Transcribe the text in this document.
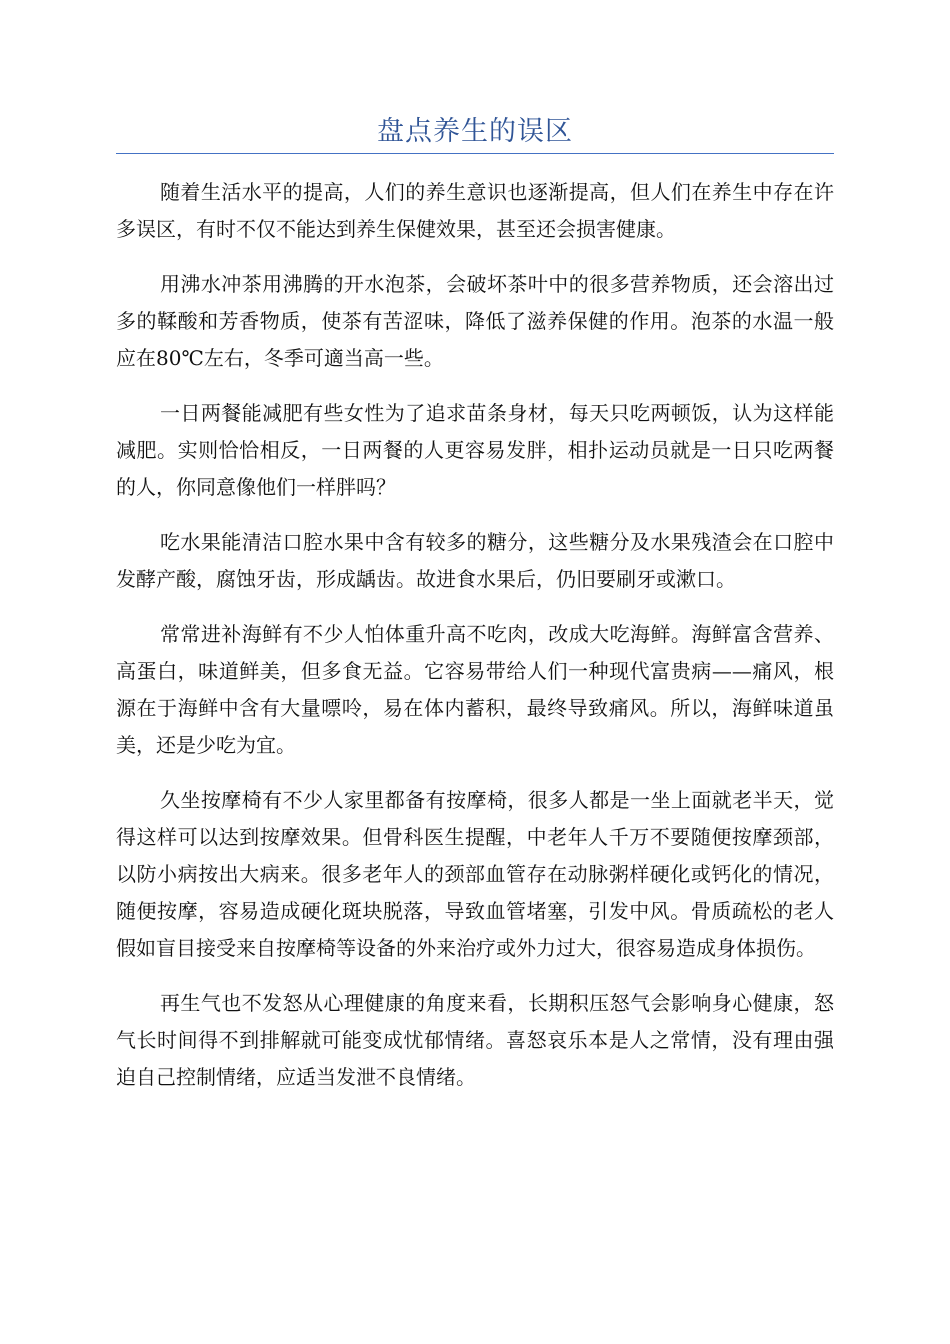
盘点养生的误区

随着生活水平的提高，人们的养生意识也逐渐提高，但人们在养生中存在许多误区，有时不仅不能达到养生保健效果，甚至还会损害健康。

用沸水冲茶用沸腾的开水泡茶，会破坏茶叶中的很多营养物质，还会溶出过多的鞣酸和芳香物质，使茶有苦涩味，降低了滋养保健的作用。泡茶的水温一般应在80℃左右，冬季可適当高一些。

一日两餐能减肥有些女性为了追求苗条身材，每天只吃两顿饭，认为这样能减肥。实则恰恰相反，一日两餐的人更容易发胖，相扑运动员就是一日只吃两餐的人，你同意像他们一样胖吗？

吃水果能清洁口腔水果中含有较多的糖分，这些糖分及水果残渣会在口腔中发酵产酸，腐蚀牙齿，形成龋齿。故进食水果后，仍旧要刷牙或漱口。

常常进补海鲜有不少人怕体重升高不吃肉，改成大吃海鲜。海鲜富含营养、高蛋白，味道鲜美，但多食无益。它容易带给人们一种现代富贵病——痛风，根源在于海鲜中含有大量嘌呤，易在体内蓄积，最终导致痛风。所以，海鲜味道虽美，还是少吃为宜。

久坐按摩椅有不少人家里都备有按摩椅，很多人都是一坐上面就老半天，觉得这样可以达到按摩效果。但骨科医生提醒，中老年人千万不要随便按摩颈部，以防小病按出大病来。很多老年人的颈部血管存在动脉粥样硬化或钙化的情况，随便按摩，容易造成硬化斑块脱落，导致血管堵塞，引发中风。骨质疏松的老人假如盲目接受来自按摩椅等设备的外来治疗或外力过大，很容易造成身体损伤。

再生气也不发怒从心理健康的角度来看，长期积压怒气会影响身心健康，怒气长时间得不到排解就可能变成忧郁情绪。喜怒哀乐本是人之常情，没有理由强迫自己控制情绪，应适当发泄不良情绪。
